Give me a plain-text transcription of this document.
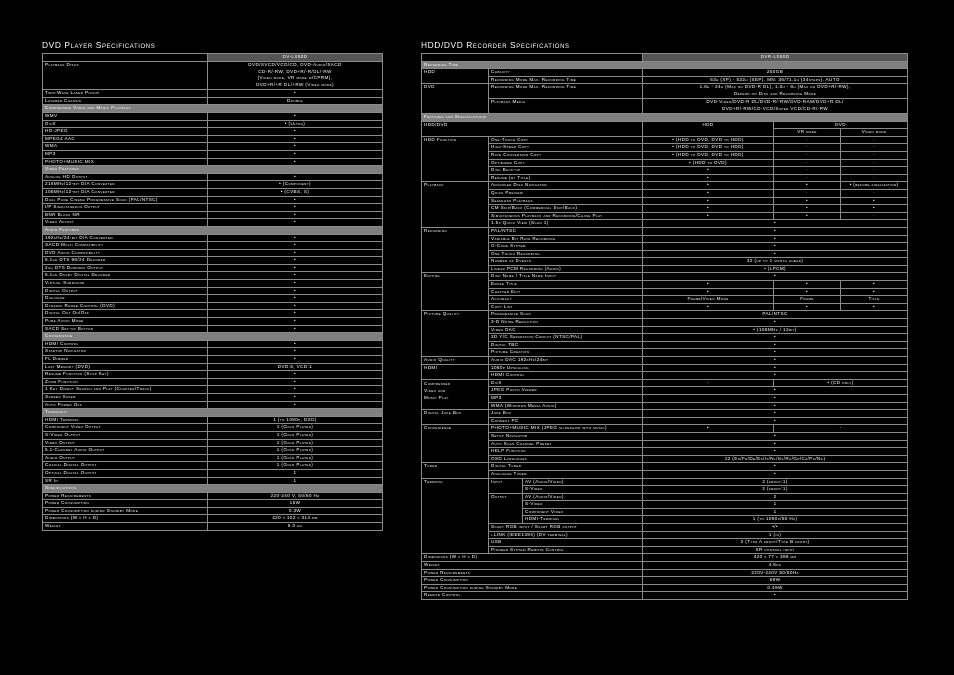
DVD Player Specifications
	DV-LX50D
Playback Discs	DVD/SVCD/VCD/CD, DVD-Audio/SACD
CD-R/-RW, DVD+R/-R/DL/-RW
(Video mode, VR mode w/CPRM),
DVD+R/+R DL/+RW (Video mode)

Twin-Wave Laser Pickup	•
Layered Chassis	Double
Compressed Video and Music Playback	
WMV	•
DivX	• (Ultra)
HD-JPEG	•
MPEG4 AAC	•
WMA	•
MP3	•
PHOTO+MUSIC MIX	•
Video Features	
Analog HD Output	•
216MHz/12-bit D/A Converter	• (Component)
108MHz/12-bit D/A Converter	• (CVBS, S)
Dual Pure Cinema Progressive Scan (PAL/NTSC)	•
I/P Simultaneous Output	•
BNR Block NR	•
Video Adjust	•
Audio Features	
192kHz/24-bit D/A Converter	•
SACD Multi Compatibility	•
DVD Audio Compatibility	•
5.1ch DTS 96/24 Decoder	•
2ch DTS Downmix Output	•
5.1ch Dolby Digital Decoder	•
Virtual Surround	•
Digital Output	•
Dialogue	•
Dynamic Range Control (DVD)	•
Digital Out On/Off	•
Pure Audio Mode	•
SACD Set-up Button	•
Convenience	
HDMI Control	•
Startup Navigator	•
FL Dimmer	•
Last Memory (DVD)	DVD:5, VCD:1
Resume Function (Stop Key)	•
Zoom Function	•
1 Key Direct Search and Play (Chapter/Track)	•
Screen Saver	•
Auto Power Off	•
Terminals	
HDMI Terminal	1 (to 1080p, DSD)
Component Video Output	1 (Gold Plated)
S-Video Output	1 (Gold Plated)
Video Output	1 (Gold Plated)
5.1-Channel Audio Output	1 (Gold Plated)
Audio Output	1 (Gold Plated)
Coaxial Digital Output	1 (Gold Plated)
Optical Digital Output	1
SR In	1
Specifications	
Power Requirements	220-240 V, 50/60 Hz
Power Consumption	15W
Power Consumption during Standby Mode	0.3W
Dimensions (W x H x D)	420 x 102 x 314 mm
Weight	5.3 kg
HDD/DVD Recorder Specifications
			DVR-LX60D		
Recording Time					
HDD	Capacity		250GB		
	Recording Mode Max. Recording Time		53h (XP) - 532h (SEP), MN: 36/71.1h (34steps), AUTO		
DVD	Recording Mode Max. Recording Time		1.8h - 24h (Max on DVD-R DL), 1.0h - 8h (Max on DVD+R/-RW),
Depend on Disc and Recording Mode		

	Playback Media		DVD-Video/DVD-R DL/DVD-R/-RW/DVD-RAM/DVD+R DL/
DVD+R/-RW/CD-VCD/Super VCD/CD-R/-RW		

Features and Specifications					
HDD/DVD			HDD	DVD	
				VR mode	Video mode
HDD Function	One-Touch Copy		• (HDD to DVD, DVD to HDD)	·	·
	High-Speed Copy		• (HDD to DVD, DVD to HDD)	·	·
	Rate Conversion Copy		• (HDD to DVD, DVD to HDD)	·	·
	Optimized Copy		• (HDD to DVD)	·	·
	Disc Back-up		•	·	·
	Resume (by Title)		•	·	·
Playback	Advanced Disc Navigator		•	•	• (before finalization)
	Quick Preview		•	·	·
	Seamless Playback		•	•	•
	CM Skip/Back (Commercial Skip/Back)		•	•	•
	Simultaneous Playback and Recording/Chase Play		•	•	·
	1.5x Quick View (Scan 1)		•		
Recording	PAL/NTSC		•		
	Variable Bit Rate Recording		•		
	G-Code System		•		
	One Touch Recording		•		
	Number of Events		32 (up to 1 month ahead)		
	Linear PCM Recording (Audio)		• (LPCM)		
Editing	Disc Name / Title Name Input		•		
	Erase Title		•	•	•
	Chapter Edit		•	•	•
	Accuracy		Frame/Video Mode	Frame	Title
	Copy List		•	•	•
Picture Quality	Progressive Scan		PAL/NTSC		
	3-D Noise Reduction		•		
	Video DAC		• (108MHz / 12bit)		
	3D Y/C Separation Circuit (NTSC/PAL)		•		
	Digital TBC		•		
	Picture Creation		•		
Audio Quality	Audio DAC 192kHz/24bit		•		
HDMI	1080p Upscaling		•		
	HDMI Control		•		

Compressed
Video and
Music Play	DivX		-	• (CD only)	
	JPEG Photo Viewer		•		
	MP3		•		
	WMA (Windows Media Audio)		•		
Digital Juke Box	Juke Box		•		
	Connect PC		•		
Convenience	PHOTO+MUSIC MIX (JPEG slideshow with music)		•	-	
	Setup Navigator		•		
	Auto Scan Channel Preset		•		
	HELP Function		•		
	OSD Languages		12 (En/Fr/De/Es/It/Nl/Sv/Ru/Gr/Cz/Po/No)		
Tuner	Digital Tuner		•		
	Analogue Tuner		•		
Terminal	Input	AV (Audio/Video)	2 (front:1)		
		S-Video	2 (front:1)		
	Output	AV (Audio/Video)	2		
		S-Video	1		
		Component Video	1		
		HDMI-Terminal	1 (to 1080p/50 Hz)		
	Scart RGB input / Scart RGB output		•/•		
	i.LINK (IEEE1394) (DV terminal)		1 (in)		
	USB		2 (Type A front/Type B front)		
	Pioneer System Remote Control		SR control input		
Dimensions (W x H x D)			420 x 77 x 388 mm		
Weight			4.6kg		
Power Requirements			220V-240V 50/60Hz		
Power Consumption			58W		
Power Consumption during Standby Mode			0.49W		
Remote Control			•		
